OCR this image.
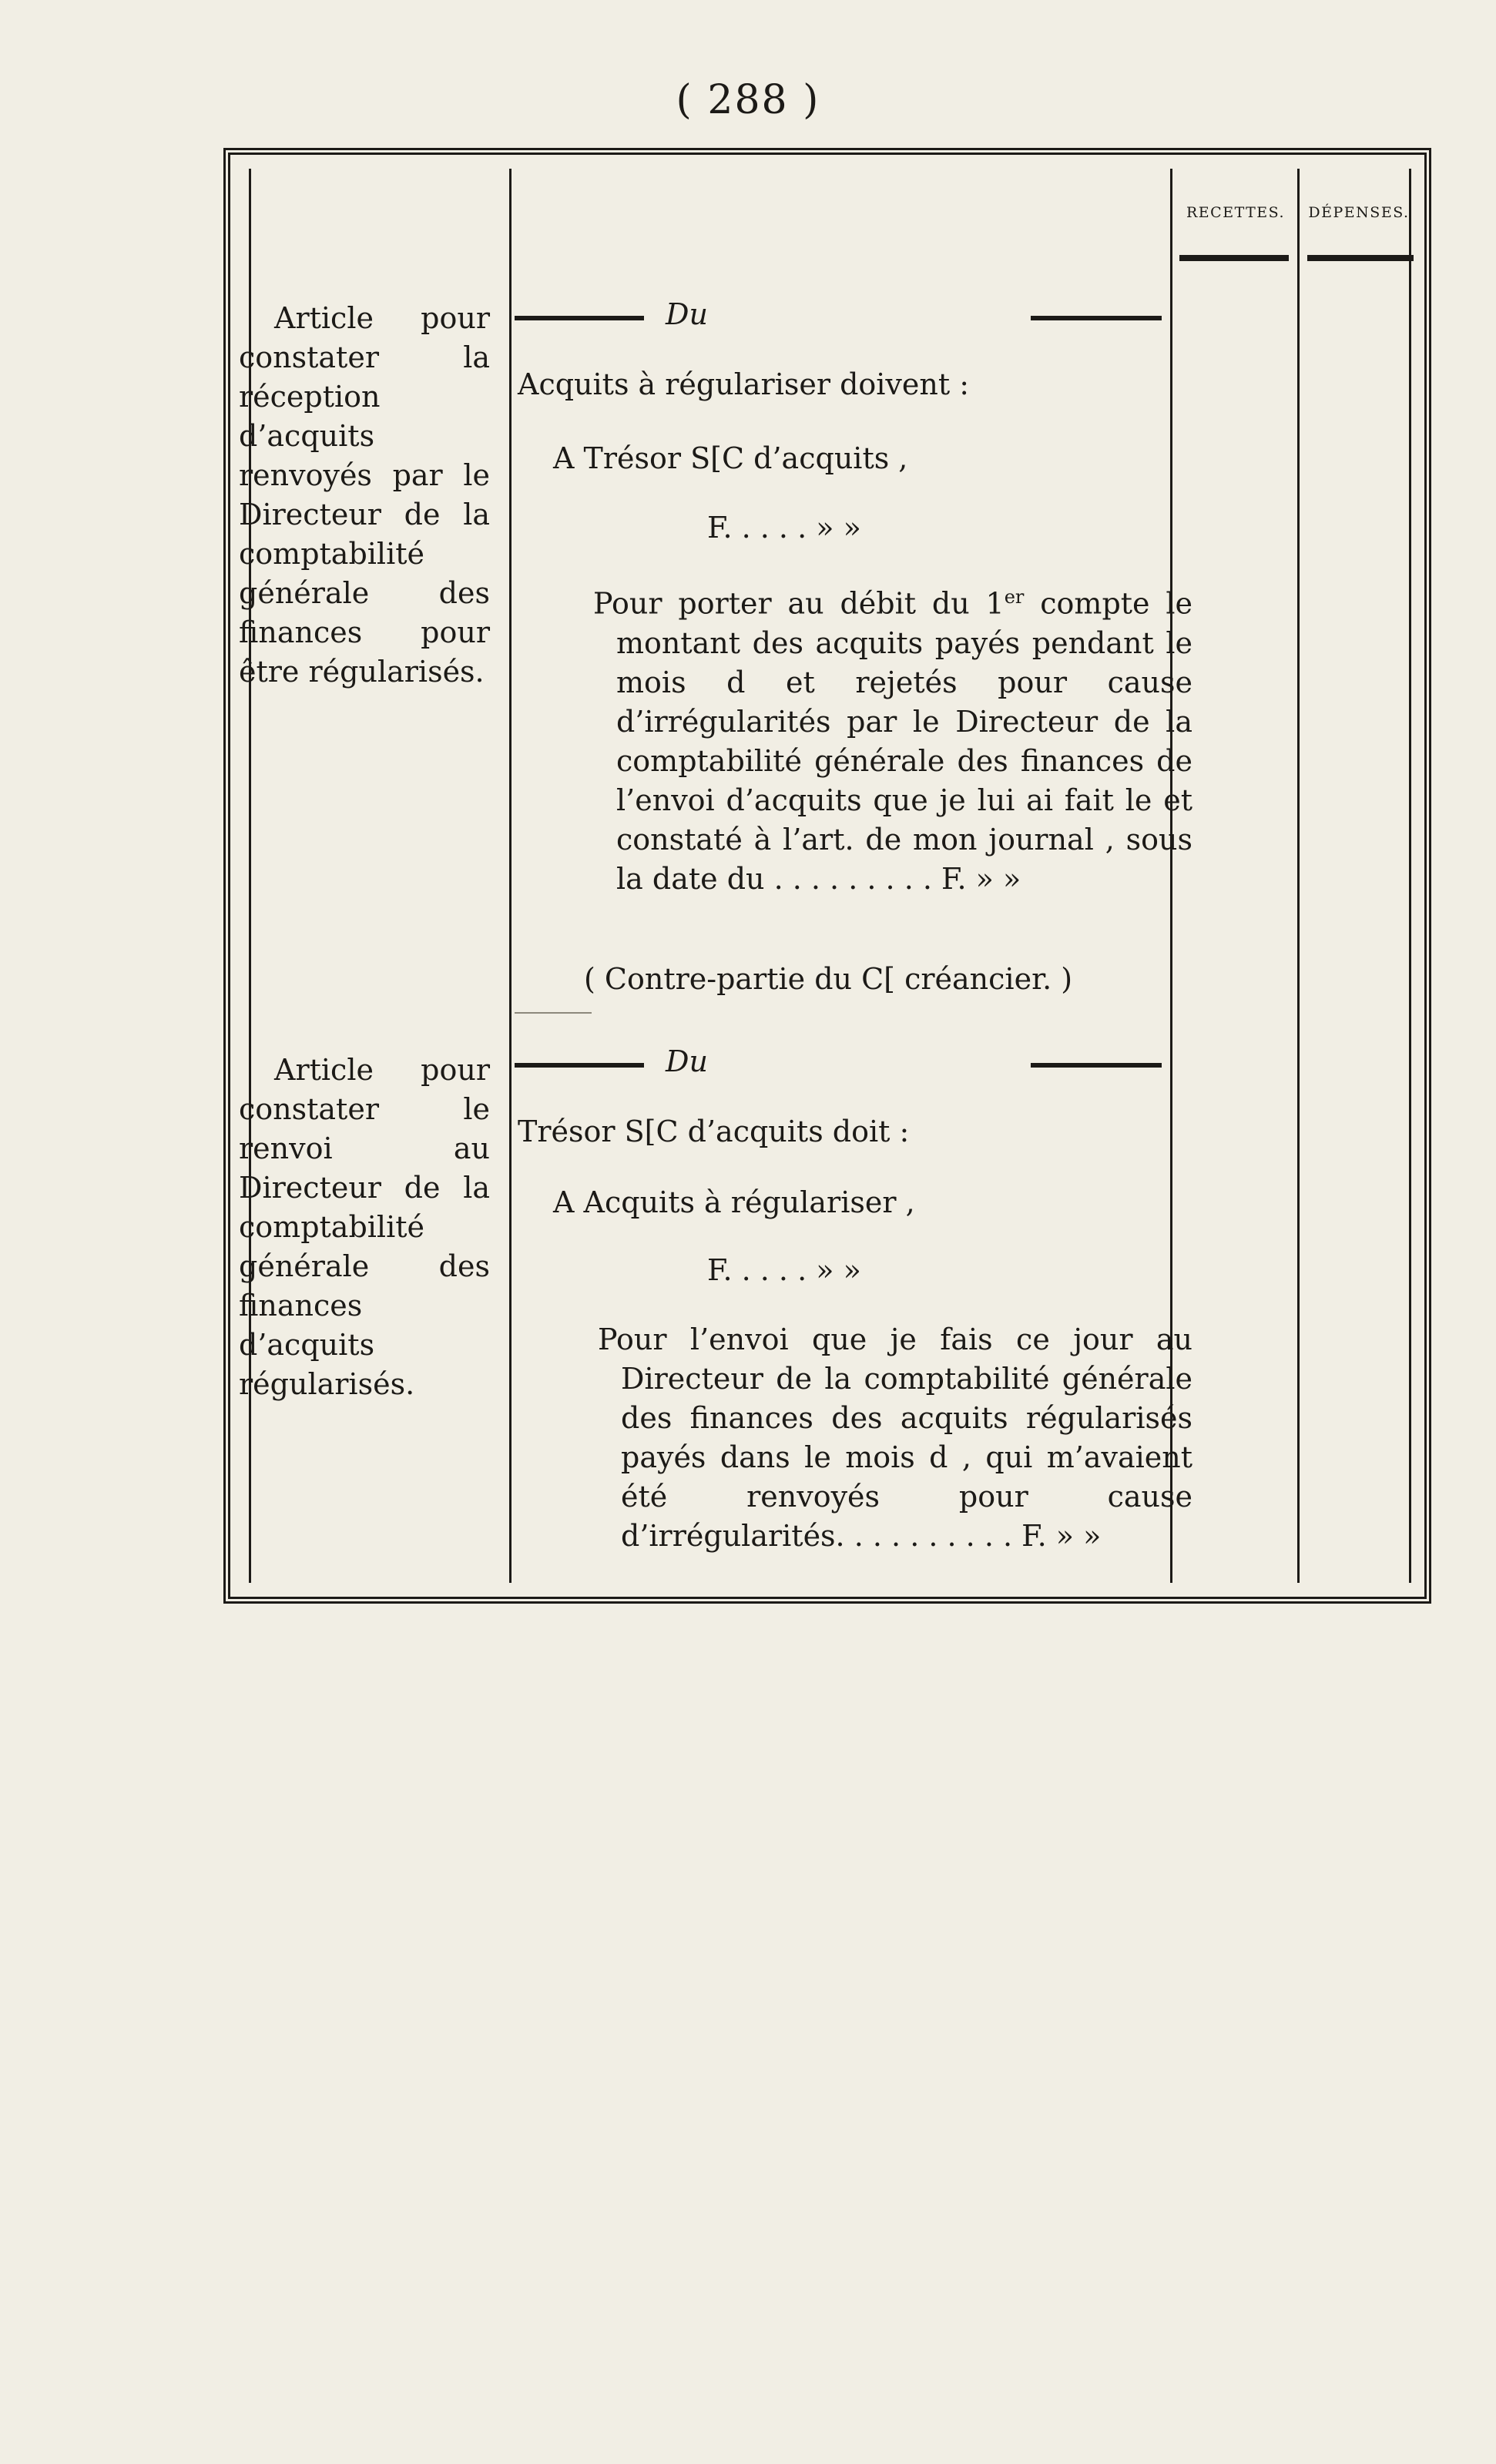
( 288 )
RECETTES.	DÉPENSES.
Article pour constater la réception d’acquits renvoyés par le Directeur de la comptabilité générale des finances pour être régularisés.
Du
Acquits à régulariser doivent :
A Trésor S[C d’acquits ,
F. . . . . » »
Pour porter au débit du 1er compte le montant des acquits payés pendant le mois d et rejetés pour cause d’irrégularités par le Directeur de la comptabilité générale des finances de l’envoi d’acquits que je lui ai fait le et constaté à l’art. de mon journal , sous la date du . . . . . . . . . F. » »
( Contre-partie du C[ créancier. )
Article pour constater le renvoi au Directeur de la comptabilité générale des finances d’acquits régularisés.
Du
Trésor S[C d’acquits doit :
A Acquits à régulariser ,
F. . . . . » »
Pour l’envoi que je fais ce jour au Directeur de la comptabilité générale des finances des acquits régularisés payés dans le mois d , qui m’avaient été renvoyés pour cause d’irrégularités. . . . . . . . . . F. » »
